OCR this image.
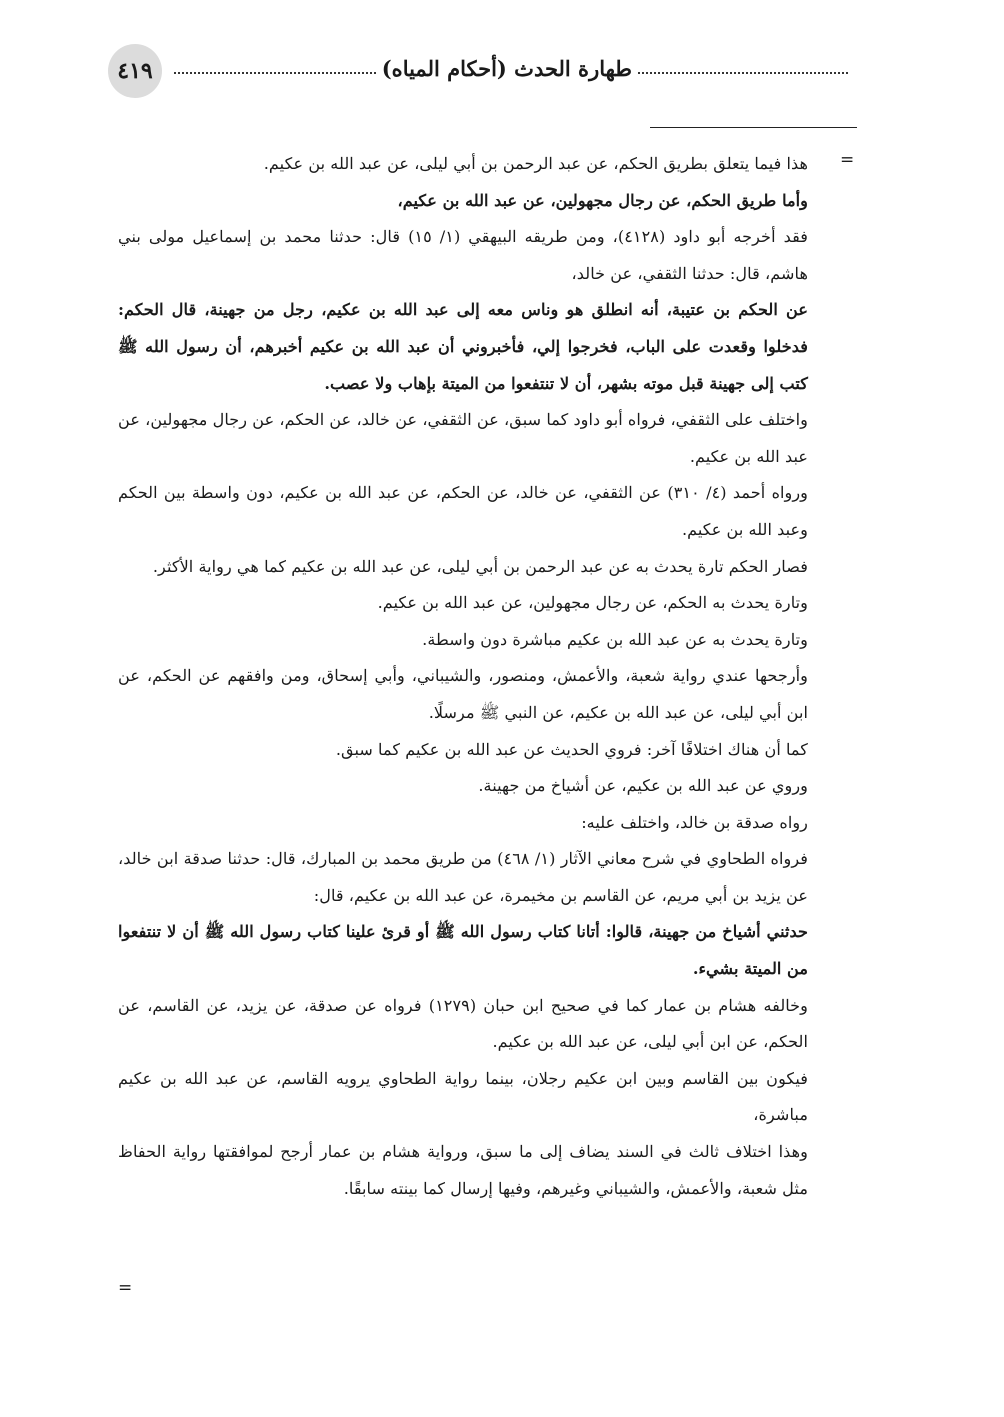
٤١٩	طهارة الحدث (أحكام المياه)
=

هذا فيما يتعلق بطريق الحكم، عن عبد الرحمن بن أبي ليلى، عن عبد الله بن عكيم.

وأما طريق الحكم، عن رجال مجهولين، عن عبد الله بن عكيم،

فقد أخرجه أبو داود (٤١٢٨)، ومن طريقه البيهقي (١/ ١٥) قال: حدثنا محمد بن إسماعيل مولى بني هاشم، قال: حدثنا الثقفي، عن خالد،

عن الحكم بن عتيبة، أنه انطلق هو وناس معه إلى عبد الله بن عكيم، رجل من جهينة، قال الحكم: فدخلوا وقعدت على الباب، فخرجوا إلي، فأخبروني أن عبد الله بن عكيم أخبرهم، أن رسول الله ﷺ كتب إلى جهينة قبل موته بشهر، أن لا تنتفعوا من الميتة بإهاب ولا عصب.

واختلف على الثقفي، فرواه أبو داود كما سبق، عن الثقفي، عن خالد، عن الحكم، عن رجال مجهولين، عن عبد الله بن عكيم.

ورواه أحمد (٤/ ٣١٠) عن الثقفي، عن خالد، عن الحكم، عن عبد الله بن عكيم، دون واسطة بين الحكم وعبد الله بن عكيم.

فصار الحكم تارة يحدث به عن عبد الرحمن بن أبي ليلى، عن عبد الله بن عكيم كما هي رواية الأكثر.

وتارة يحدث به الحكم، عن رجال مجهولين، عن عبد الله بن عكيم.

وتارة يحدث به عن عبد الله بن عكيم مباشرة دون واسطة.

وأرجحها عندي رواية شعبة، والأعمش، ومنصور، والشيباني، وأبي إسحاق، ومن وافقهم عن الحكم، عن ابن أبي ليلى، عن عبد الله بن عكيم، عن النبي ﷺ مرسلًا.

كما أن هناك اختلافًا آخر: فروي الحديث عن عبد الله بن عكيم كما سبق.

وروي عن عبد الله بن عكيم، عن أشياخ من جهينة.

رواه صدقة بن خالد، واختلف عليه:

فرواه الطحاوي في شرح معاني الآثار (١/ ٤٦٨) من طريق محمد بن المبارك، قال: حدثنا صدقة ابن خالد، عن يزيد بن أبي مريم، عن القاسم بن مخيمرة، عن عبد الله بن عكيم، قال:

حدثني أشياخ من جهينة، قالوا: أتانا كتاب رسول الله ﷺ أو قرئ علينا كتاب رسول الله ﷺ أن لا تنتفعوا من الميتة بشيء.

وخالفه هشام بن عمار كما في صحيح ابن حبان (١٢٧٩) فرواه عن صدقة، عن يزيد، عن القاسم، عن الحكم، عن ابن أبي ليلى، عن عبد الله بن عكيم.

فيكون بين القاسم وبين ابن عكيم رجلان، بينما رواية الطحاوي يرويه القاسم، عن عبد الله بن عكيم مباشرة،

وهذا اختلاف ثالث في السند يضاف إلى ما سبق، ورواية هشام بن عمار أرجح لموافقتها رواية الحفاظ مثل شعبة، والأعمش، والشيباني وغيرهم، وفيها إرسال كما بينته سابقًا.

=
